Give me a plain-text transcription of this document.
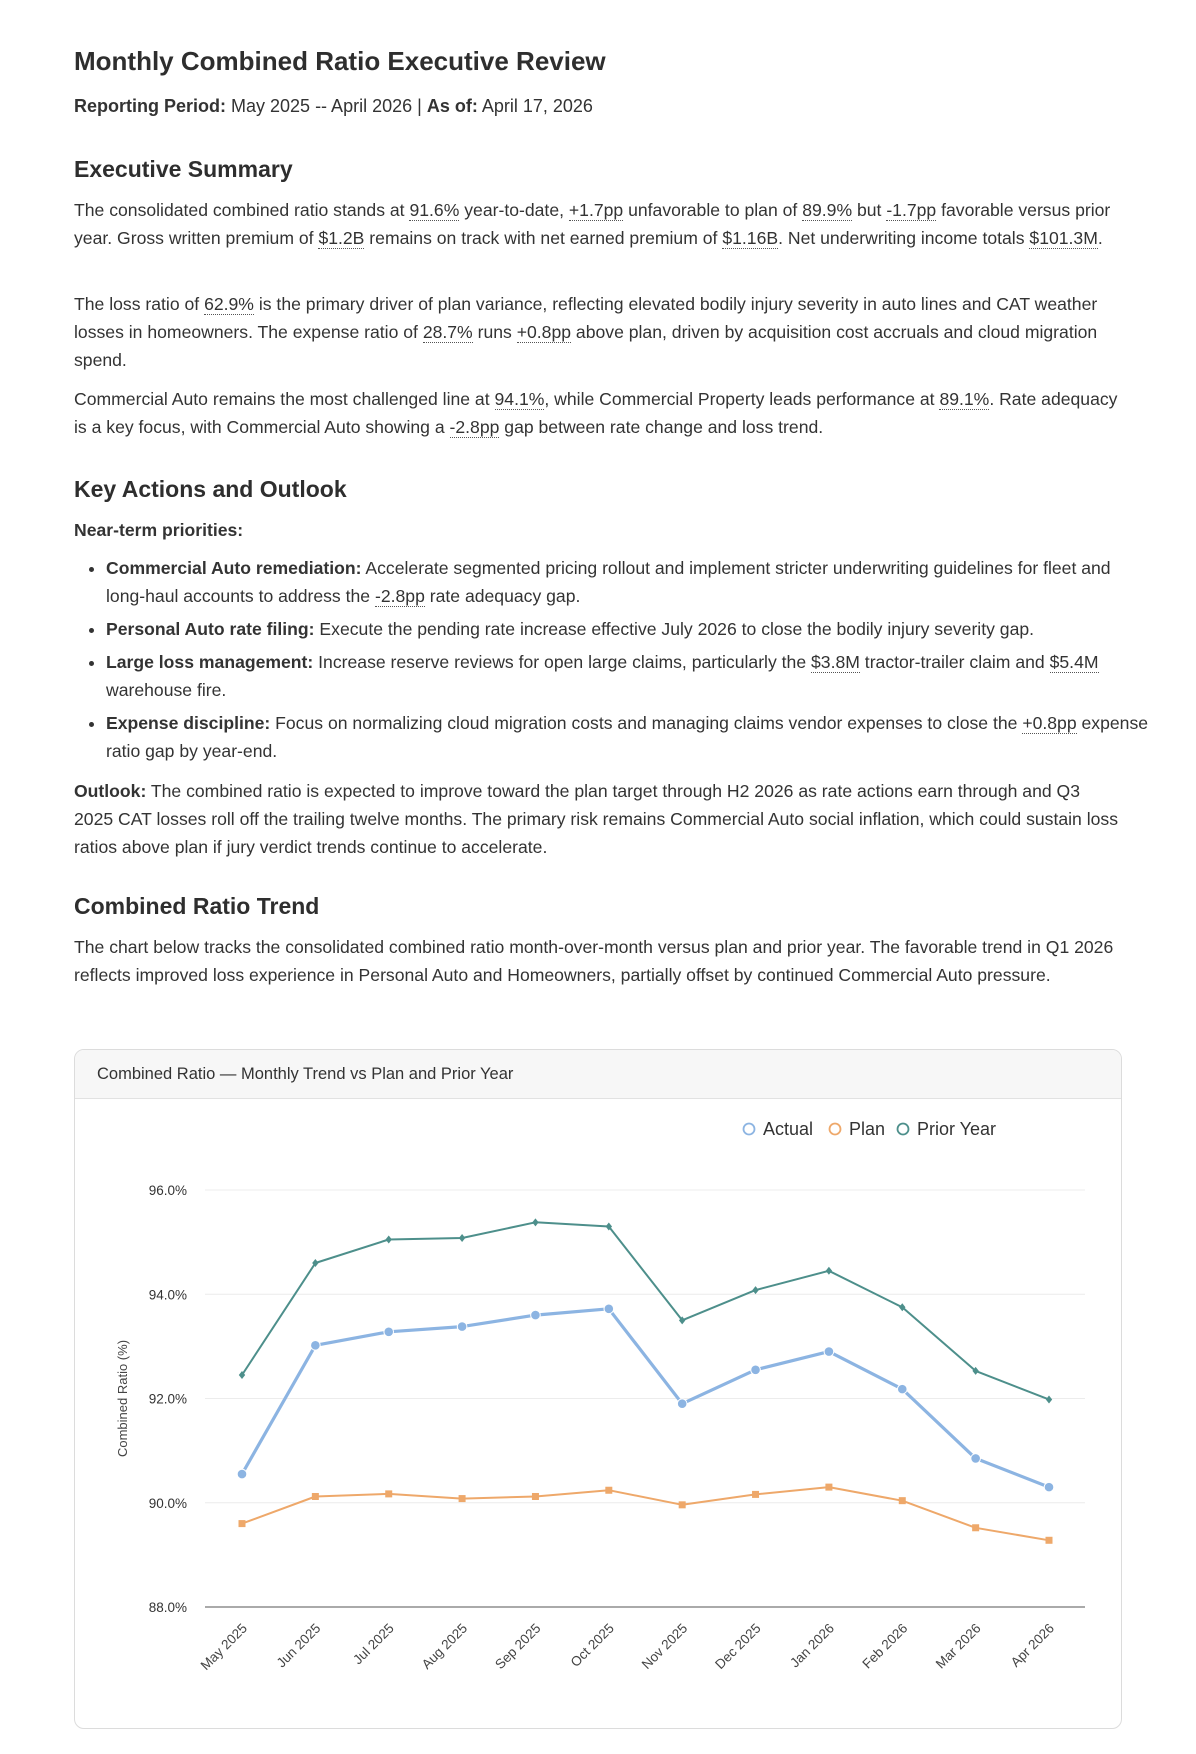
Monthly Combined Ratio Executive Review
Reporting Period: May 2025 -- April 2026 | As of: April 17, 2026
Executive Summary

The consolidated combined ratio stands at 91.6% year-to-date, +1.7pp unfavorable to plan of 89.9% but -1.7pp favorable versus prior year. Gross written premium of $1.2B remains on track with net earned premium of $1.16B. Net underwriting income totals $101.3M.

The loss ratio of 62.9% is the primary driver of plan variance, reflecting elevated bodily injury severity in auto lines and CAT weather losses in homeowners. The expense ratio of 28.7% runs +0.8pp above plan, driven by acquisition cost accruals and cloud migration spend.

Commercial Auto remains the most challenged line at 94.1%, while Commercial Property leads performance at 89.1%. Rate adequacy is a key focus, with Commercial Auto showing a -2.8pp gap between rate change and loss trend.

Key Actions and Outlook

Near-term priorities:

• Commercial Auto remediation: Accelerate segmented pricing rollout and implement stricter underwriting guidelines for fleet and long-haul accounts to address the -2.8pp rate adequacy gap.
• Personal Auto rate filing: Execute the pending rate increase effective July 2026 to close the bodily injury severity gap.
• Large loss management: Increase reserve reviews for open large claims, particularly the $3.8M tractor-trailer claim and $5.4M warehouse fire.
• Expense discipline: Focus on normalizing cloud migration costs and managing claims vendor expenses to close the +0.8pp expense ratio gap by year-end.

Outlook: The combined ratio is expected to improve toward the plan target through H2 2026 as rate actions earn through and Q3 2025 CAT losses roll off the trailing twelve months. The primary risk remains Commercial Auto social inflation, which could sustain loss ratios above plan if jury verdict trends continue to accelerate.

Combined Ratio Trend

The chart below tracks the consolidated combined ratio month-over-month versus plan and prior year. The favorable trend in Q1 2026 reflects improved loss experience in Personal Auto and Homeowners, partially offset by continued Commercial Auto pressure.

Combined Ratio — Monthly Trend vs Plan and Prior Year
88.0%
90.0%
92.0%
94.0%
96.0%
Combined Ratio (%)
May 2025 Jun 2025 Jul 2025 Aug 2025 Sep 2025 Oct 2025 Nov 2025 Dec 2025 Jan 2026 Feb 2026 Mar 2026 Apr 2026
Actual Plan Prior Year
